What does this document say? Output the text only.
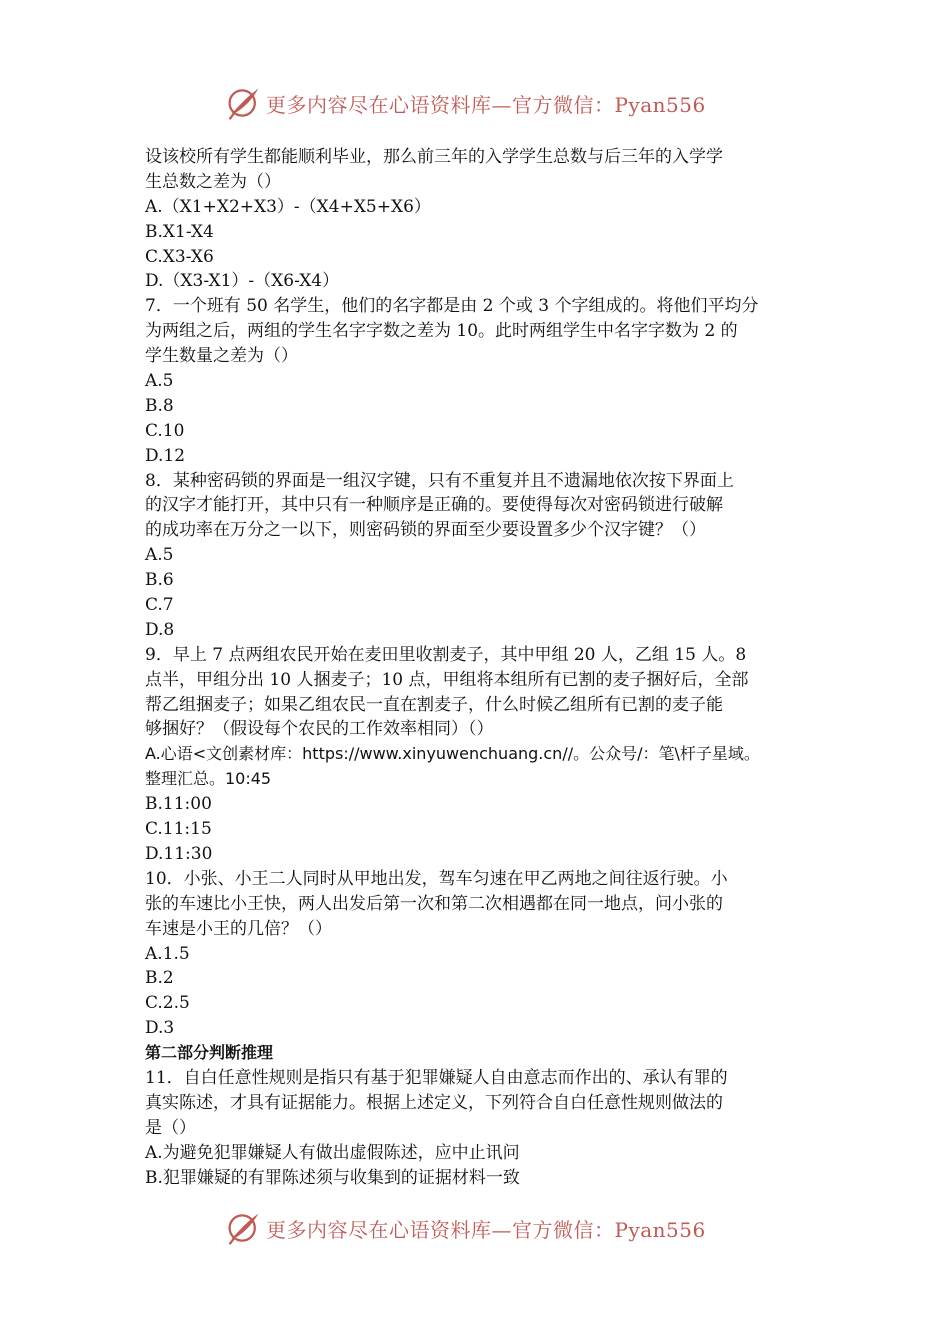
更多内容尽在心语资料库—官方微信：Pyan556
设该校所有学生都能顺利毕业，那么前三年的入学学生总数与后三年的入学学
生总数之差为（）
A.（X1+X2+X3）-（X4+X5+X6）
B.X1-X4
C.X3-X6
D.（X3-X1）-（X6-X4）
7．一个班有 50 名学生，他们的名字都是由 2 个或 3 个字组成的。将他们平均分
为两组之后，两组的学生名字字数之差为 10。此时两组学生中名字字数为 2 的
学生数量之差为（）
A.5
B.8
C.10
D.12
8．某种密码锁的界面是一组汉字键，只有不重复并且不遗漏地依次按下界面上
的汉字才能打开，其中只有一种顺序是正确的。要使得每次对密码锁进行破解
的成功率在万分之一以下，则密码锁的界面至少要设置多少个汉字键？（）
A.5
B.6
C.7
D.8
9．早上 7 点两组农民开始在麦田里收割麦子，其中甲组 20 人，乙组 15 人。8
点半，甲组分出 10 人捆麦子；10 点，甲组将本组所有已割的麦子捆好后，全部
帮乙组捆麦子；如果乙组农民一直在割麦子，什么时候乙组所有已割的麦子能
够捆好？（假设每个农民的工作效率相同）（）
A.心语<文创素材库：https://www.xinyuwenchuang.cn//。公众号/：笔\杆子星域。
整理汇总。10:45
B.11:00
C.11:15
D.11:30
10．小张、小王二人同时从甲地出发，驾车匀速在甲乙两地之间往返行驶。小
张的车速比小王快，两人出发后第一次和第二次相遇都在同一地点，问小张的
车速是小王的几倍？（）
A.1.5
B.2
C.2.5
D.3
第二部分判断推理
11．自白任意性规则是指只有基于犯罪嫌疑人自由意志而作出的、承认有罪的
真实陈述，才具有证据能力。根据上述定义，下列符合自白任意性规则做法的
是（）
A.为避免犯罪嫌疑人有做出虚假陈述，应中止讯问
B.犯罪嫌疑的有罪陈述须与收集到的证据材料一致
更多内容尽在心语资料库—官方微信：Pyan556
